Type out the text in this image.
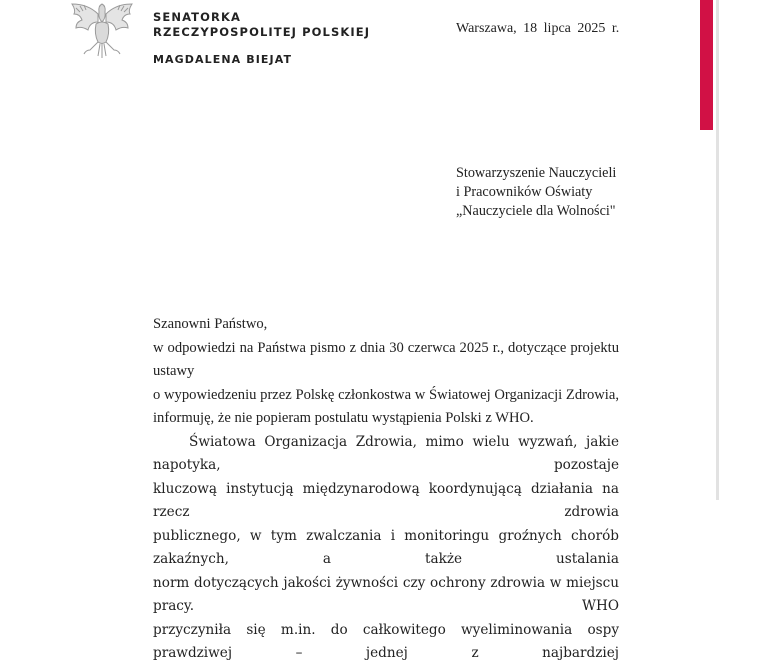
SENATORKA
RZECZYPOSPOLITEJ POLSKIEJ
MAGDALENA BIEJAT
Warszawa, 18 lipca 2025 r.
Stowarzyszenie Nauczycieli
i Pracowników Oświaty
„Nauczyciele dla Wolności"

Szanowni Państwo,

w odpowiedzi na Państwa pismo z dnia 30 czerwca 2025 r., dotyczące projektu ustawy

o wypowiedzeniu przez Polskę członkostwa w Światowej Organizacji Zdrowia,

informuję, że nie popieram postulatu wystąpienia Polski z WHO.

Światowa Organizacja Zdrowia, mimo wielu wyzwań, jakie napotyka, pozostaje

kluczową instytucją międzynarodową koordynującą działania na rzecz zdrowia

publicznego, w tym zwalczania i monitoringu groźnych chorób zakaźnych, a także ustalania

norm dotyczących jakości żywności czy ochrony zdrowia w miejscu pracy. WHO

przyczyniła się m.in. do całkowitego wyeliminowania ospy prawdziwej – jednej z najbardziej
